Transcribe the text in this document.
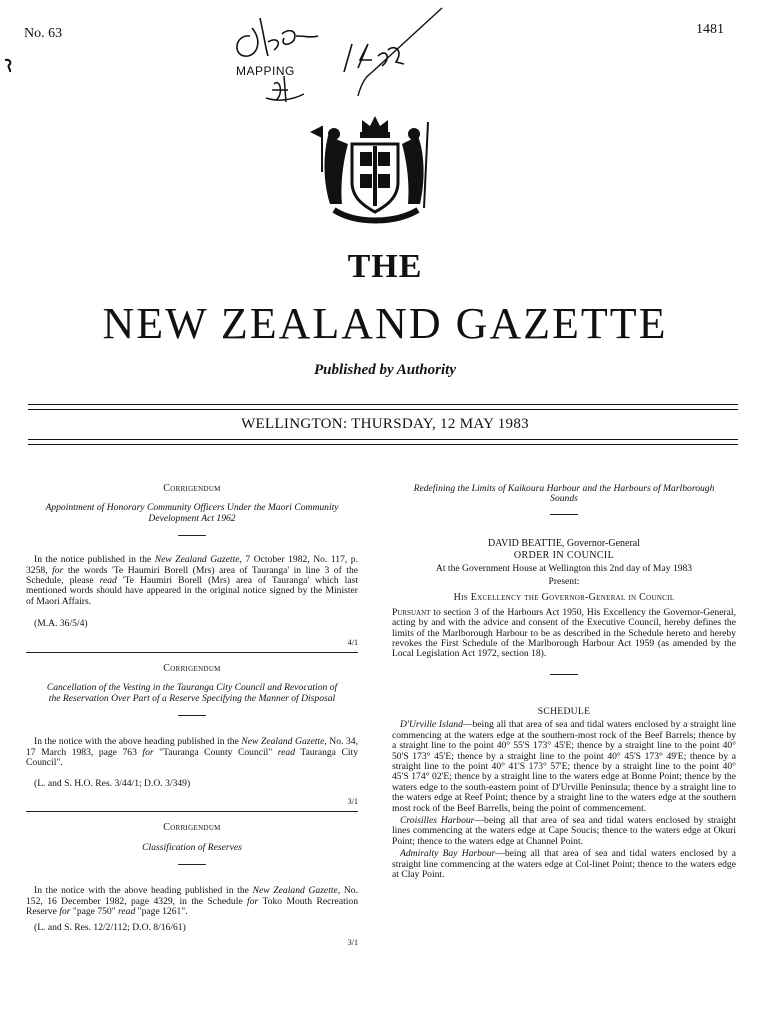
No. 63	1481
MAPPING
THE
NEW ZEALAND GAZETTE
Published by Authority
WELLINGTON: THURSDAY, 12 MAY 1983
Corrigendum
Appointment of Honorary Community Officers Under the Maori Community Development Act 1962

In the notice published in the New Zealand Gazette, 7 October 1982, No. 117, p. 3258, for the words 'Te Haumiri Borell (Mrs) area of Tauranga' in line 3 of the Schedule, please read 'Te Haumiri Borell (Mrs) area of Tauranga' which last mentioned words should have appeared in the original notice signed by the Minister of Maori Affairs.

(M.A. 36/5/4)
4/1
Corrigendum
Cancellation of the Vesting in the Tauranga City Council and Revocation of the Reservation Over Part of a Reserve Specifying the Manner of Disposal

In the notice with the above heading published in the New Zealand Gazette, No. 34, 17 March 1983, page 763 for "Tauranga County Council" read Tauranga City Council".

(L. and S. H.O. Res. 3/44/1; D.O. 3/349)
3/1
Corrigendum
Classification of Reserves

In the notice with the above heading published in the New Zealand Gazette, No. 152, 16 December 1982, page 4329, in the Schedule for Toko Mouth Recreation Reserve for "page 750" read "page 1261".

(L. and S. Res. 12/2/112; D.O. 8/16/61)
3/1
Redefining the Limits of Kaikoura Harbour and the Harbours of Marlborough Sounds
DAVID BEATTIE, Governor-General
ORDER IN COUNCIL
At the Government House at Wellington this 2nd day of May 1983
Present:
His Excellency the Governor-General in Council

Pursuant to section 3 of the Harbours Act 1950, His Excellency the Governor-General, acting by and with the advice and consent of the Executive Council, hereby defines the limits of the Marlborough Harbour to be as described in the Schedule hereto and hereby revokes the First Schedule of the Marlborough Harbour Act 1959 (as amended by the Local Legislation Act 1972, section 18).

SCHEDULE

D'Urville Island—being all that area of sea and tidal waters enclosed by a straight line commencing at the waters edge at the southern-most rock of the Beef Barrels; thence by a straight line to the point 40° 55'S 173° 45'E; thence by a straight line to the point 40° 50'S 173° 45'E; thence by a straight line to the point 40° 45'S 173° 49'E; thence by a straight line to the point 40° 41'S 173° 57'E; thence by a straight line to the point 40° 45'S 174° 02'E; thence by a straight line to the waters edge at Bonne Point; thence by the waters edge to the south-eastern point of D'Urville Peninsula; thence by a straight line to the waters edge at Reef Point; thence by a straight line to the waters edge at the southern most rock of the Beef Barrells, being the point of commencement.

Croisilles Harbour—being all that area of sea and tidal waters enclosed by straight lines commencing at the waters edge at Cape Soucis; thence to the waters edge at Okuri Point; thence to the waters edge at Channel Point.

Admiralty Bay Harbour—being all that area of sea and tidal waters enclosed by a straight line commencing at the waters edge at Col-linet Point; thence to the waters edge at Clay Point.
